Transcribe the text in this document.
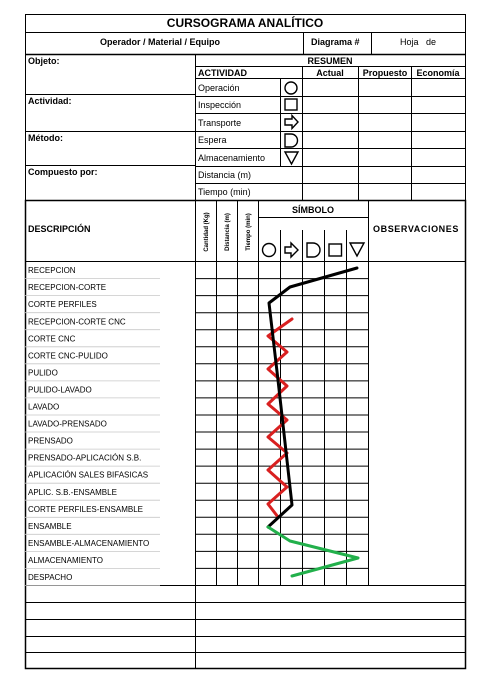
CURSOGRAMA ANALÍTICO
Operador / Material / Equipo	Diagrama #	Hoja   de
Objeto:
Actividad:
Método:
Compuesto por:
RESUMEN
ACTIVIDAD	Actual Propuesto Economía
Operación
Inspección
Transporte
Espera
Almacenamiento
Distancia (m)
Tiempo (min)
DESCRIPCIÓN	Cantidad (Kg)	Distancia (m)	Tiempo (min)
SÍMBOLO
OBSERVACIONES
RECEPCION
RECEPCION-CORTE
CORTE PERFILES
RECEPCION-CORTE CNC
CORTE CNC
CORTE CNC-PULIDO
PULIDO
PULIDO-LAVADO
LAVADO
LAVADO-PRENSADO
PRENSADO
PRENSADO-APLICACIÓN S.B.
APLICACIÓN SALES BIFASICAS
APLIC. S.B.-ENSAMBLE
CORTE PERFILES-ENSAMBLE
ENSAMBLE
ENSAMBLE-ALMACENAMIENTO
ALMACENAMIENTO
DESPACHO
